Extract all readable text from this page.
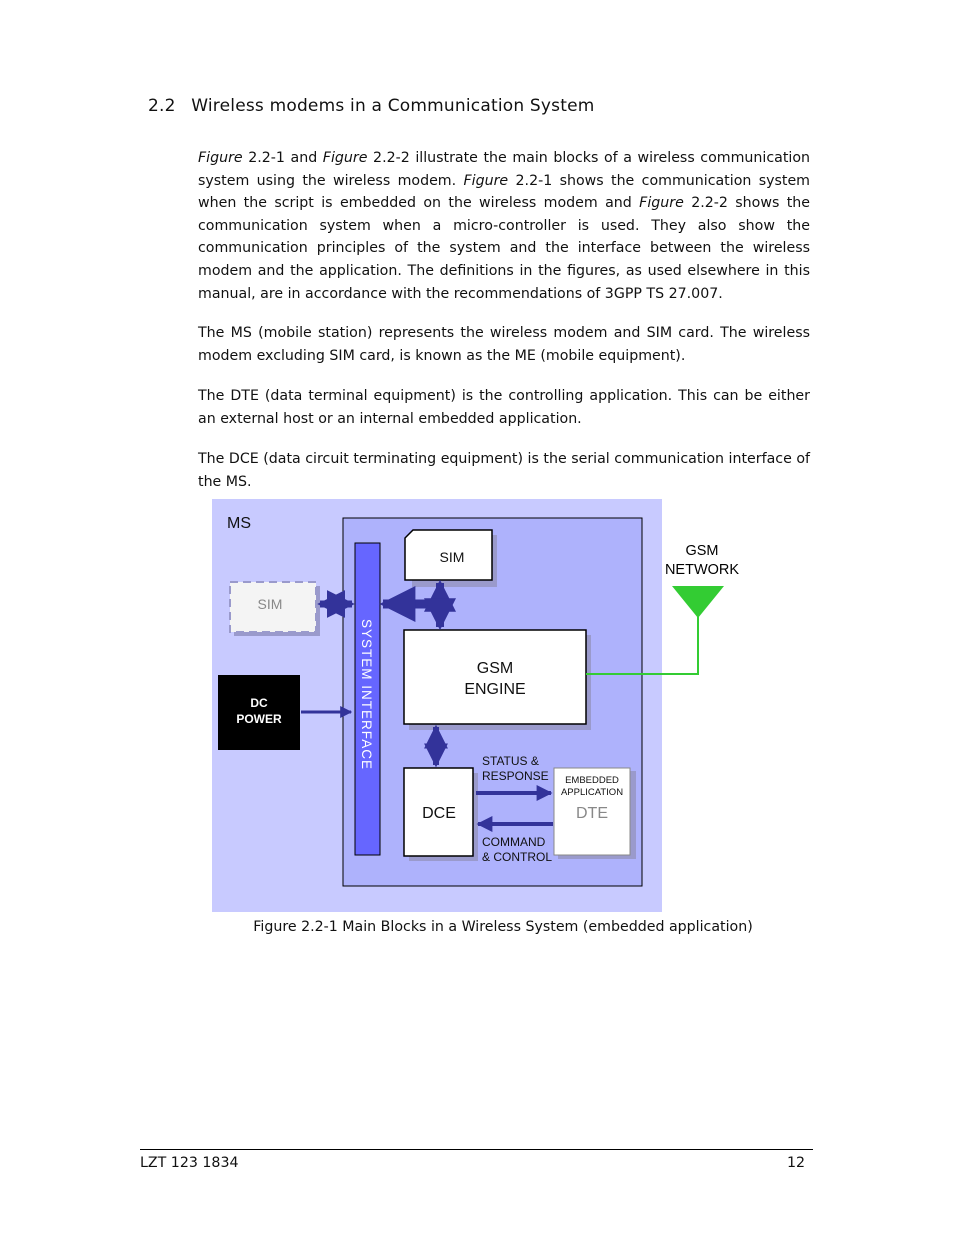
2.2 Wireless modems in a Communication System

Figure 2.2-1 and Figure 2.2-2 illustrate the main blocks of a wireless communication system using the wireless modem. Figure 2.2-1 shows the communication system when the script is embedded on the wireless modem and Figure 2.2-2 shows the communication system when a micro-controller is used. They also show the communication principles of the system and the interface between the wireless modem and the application. The definitions in the figures, as used elsewhere in this manual, are in accordance with the recommendations of 3GPP TS 27.007.

The MS (mobile station) represents the wireless modem and SIM card. The wireless modem excluding SIM card, is known as the ME (mobile equipment).

The DTE (data terminal equipment) is the controlling application. This can be either an external host or an internal embedded application.

The DCE (data circuit terminating equipment) is the serial communication interface of the MS.

MS
SIM
SYSTEM INTERFACE
SIM
GSM
ENGINE
DCE
EMBEDDED
APPLICATION
DTE
STATUS &
RESPONSE
COMMAND
& CONTROL
DC
POWER
GSM
NETWORK
Figure 2.2-1 Main Blocks in a Wireless System (embedded application)
LZT 123 1834	12
